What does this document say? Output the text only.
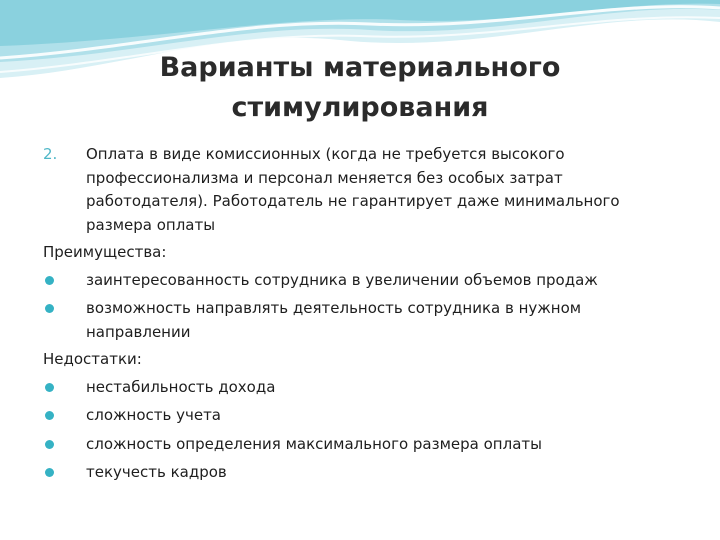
Варианты материального стимулирования
2.	Оплата в виде комиссионных (когда не требуется высокого профессионализма и персонал меняется без особых затрат работодателя). Работодатель не гарантирует даже минимального размера оплаты
Преимущества:
заинтересованность сотрудника в увеличении объемов продаж
возможность направлять деятельность сотрудника в нужном направлении
Недостатки:
нестабильность дохода
сложность учета
сложность определения максимального размера оплаты
текучесть кадров
